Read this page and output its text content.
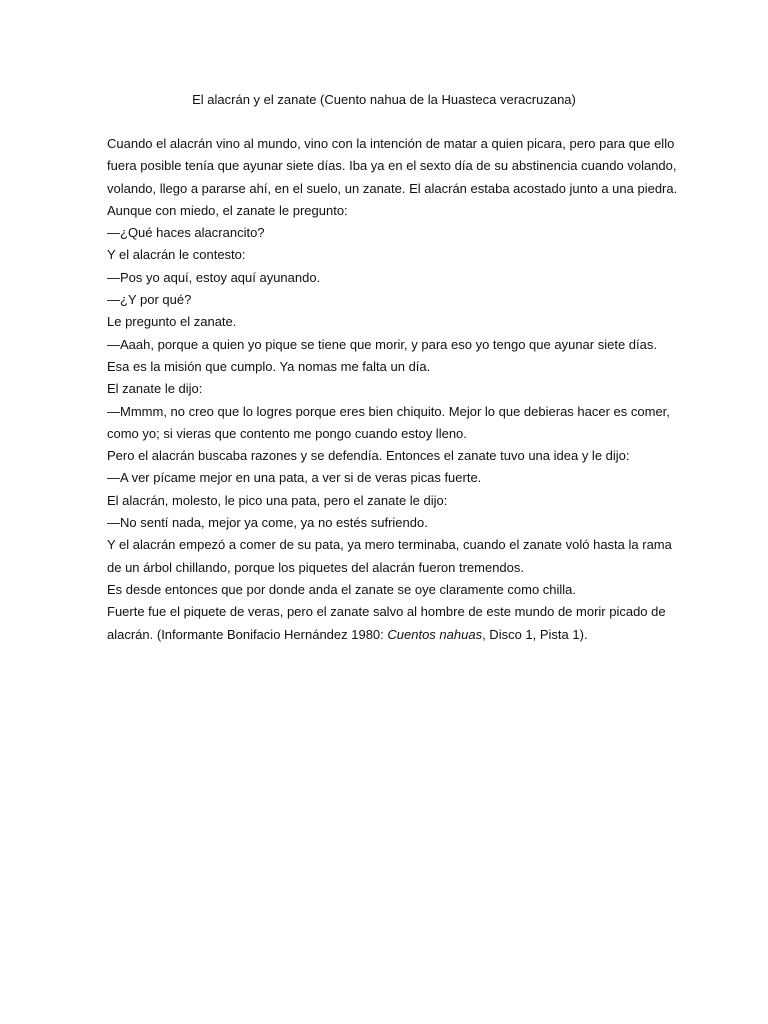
El alacrán y el zanate (Cuento nahua de la Huasteca veracruzana)
Cuando el alacrán vino al mundo, vino con la intención de matar a quien picara, pero para que ello
fuera posible tenía que ayunar siete días. Iba ya en el sexto día de su abstinencia cuando volando,
volando, llego a pararse ahí, en el suelo, un zanate. El alacrán estaba acostado junto a una piedra.
Aunque con miedo, el zanate le pregunto:
—¿Qué haces alacrancito?
Y el alacrán le contesto:
—Pos yo aquí, estoy aquí ayunando.
—¿Y por qué?
Le pregunto el zanate.
—Aaah, porque a quien yo pique se tiene que morir, y para eso yo tengo que ayunar siete días.
Esa es la misión que cumplo. Ya nomas me falta un día.
El zanate le dijo:
—Mmmm, no creo que lo logres porque eres bien chiquito. Mejor lo que debieras hacer es comer,
como yo; si vieras que contento me pongo cuando estoy lleno.
Pero el alacrán buscaba razones y se defendía. Entonces el zanate tuvo una idea y le dijo:
—A ver pícame mejor en una pata, a ver si de veras picas fuerte.
El alacrán, molesto, le pico una pata, pero el zanate le dijo:
—No sentí nada, mejor ya come, ya no estés sufriendo.
Y el alacrán empezó a comer de su pata, ya mero terminaba, cuando el zanate voló hasta la rama
de un árbol chillando, porque los piquetes del alacrán fueron tremendos.
Es desde entonces que por donde anda el zanate se oye claramente como chilla.
Fuerte fue el piquete de veras, pero el zanate salvo al hombre de este mundo de morir picado de
alacrán. (Informante Bonifacio Hernández 1980: Cuentos nahuas, Disco 1, Pista 1).
